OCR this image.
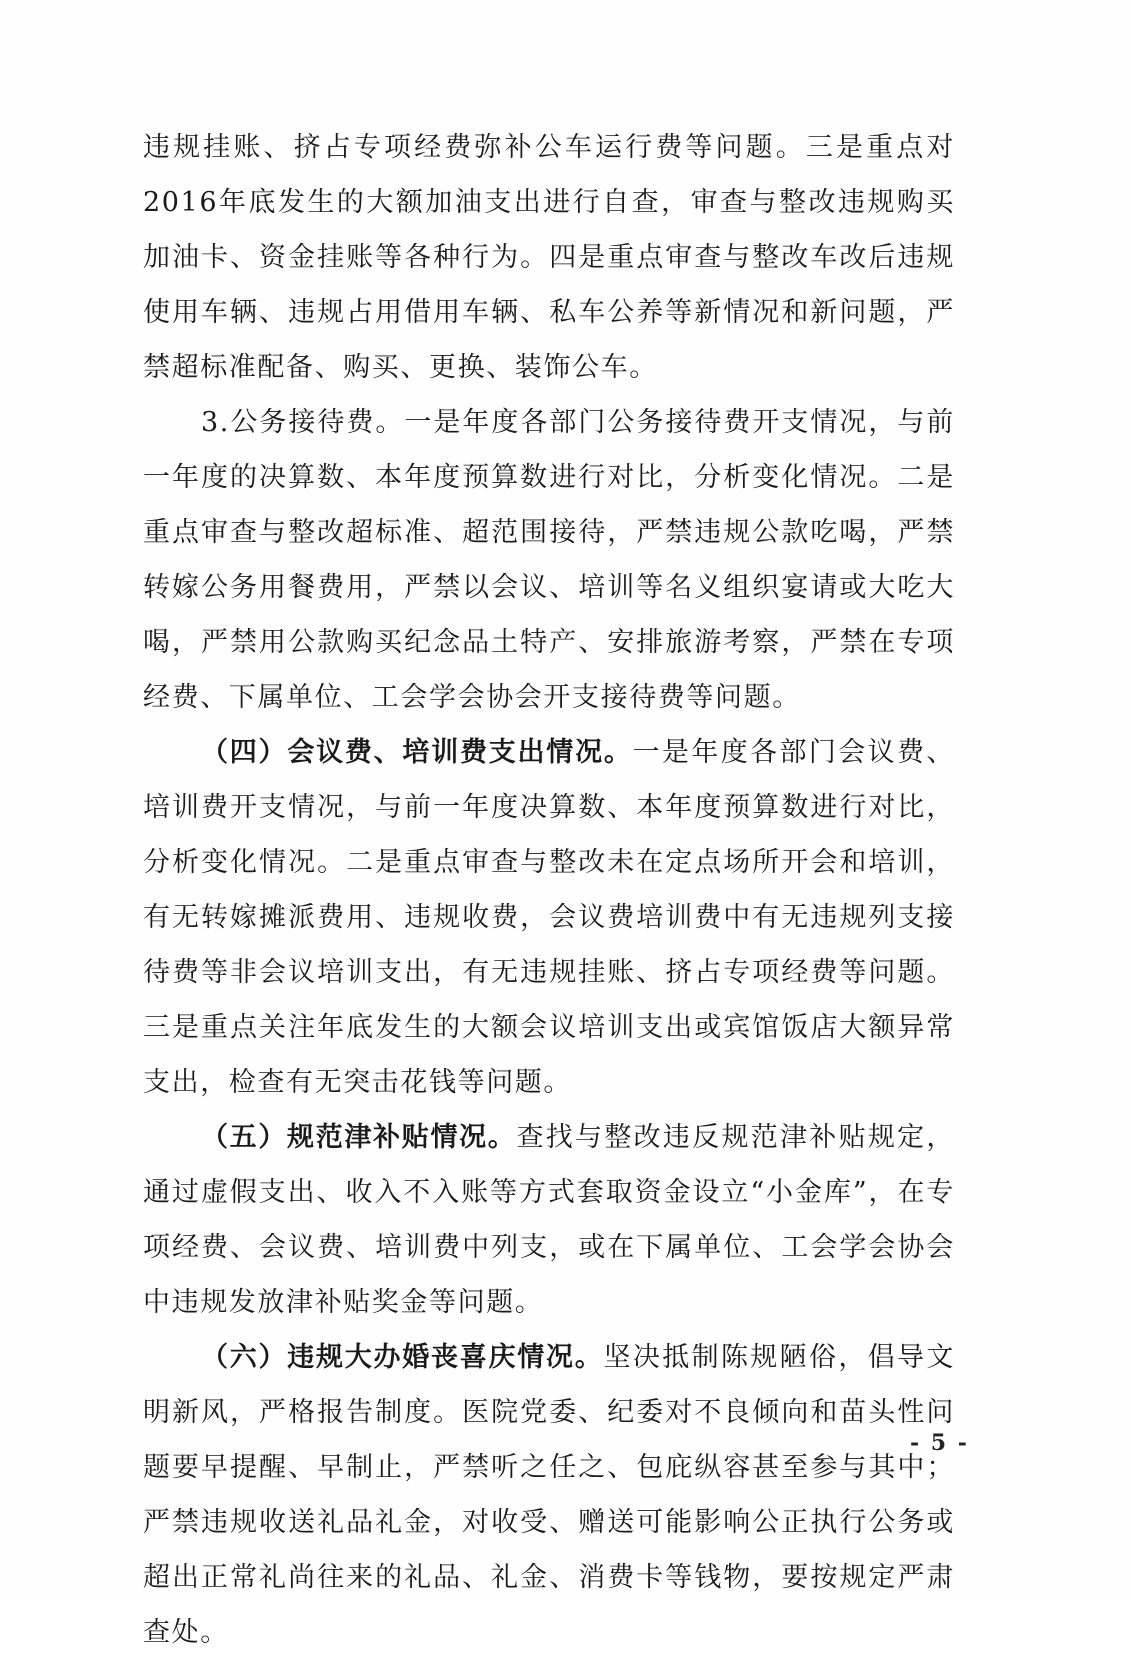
违规挂账、挤占专项经费弥补公车运行费等问题。三是重点对2016年底发生的大额加油支出进行自查，审查与整改违规购买加油卡、资金挂账等各种行为。四是重点审查与整改车改后违规使用车辆、违规占用借用车辆、私车公养等新情况和新问题，严禁超标准配备、购买、更换、装饰公车。

3.公务接待费。一是年度各部门公务接待费开支情况，与前一年度的决算数、本年度预算数进行对比，分析变化情况。二是重点审查与整改超标准、超范围接待，严禁违规公款吃喝，严禁转嫁公务用餐费用，严禁以会议、培训等名义组织宴请或大吃大喝，严禁用公款购买纪念品土特产、安排旅游考察，严禁在专项经费、下属单位、工会学会协会开支接待费等问题。

（四）会议费、培训费支出情况。一是年度各部门会议费、培训费开支情况，与前一年度决算数、本年度预算数进行对比，分析变化情况。二是重点审查与整改未在定点场所开会和培训，有无转嫁摊派费用、违规收费，会议费培训费中有无违规列支接待费等非会议培训支出，有无违规挂账、挤占专项经费等问题。三是重点关注年底发生的大额会议培训支出或宾馆饭店大额异常支出，检查有无突击花钱等问题。

（五）规范津补贴情况。查找与整改违反规范津补贴规定，通过虚假支出、收入不入账等方式套取资金设立“小金库”，在专项经费、会议费、培训费中列支，或在下属单位、工会学会协会中违规发放津补贴奖金等问题。

（六）违规大办婚丧喜庆情况。坚决抵制陈规陋俗，倡导文明新风，严格报告制度。医院党委、纪委对不良倾向和苗头性问题要早提醒、早制止，严禁听之任之、包庇纵容甚至参与其中；严禁违规收送礼品礼金，对收受、赠送可能影响公正执行公务或超出正常礼尚往来的礼品、礼金、消费卡等钱物，要按规定严肃查处。

- 5 -
